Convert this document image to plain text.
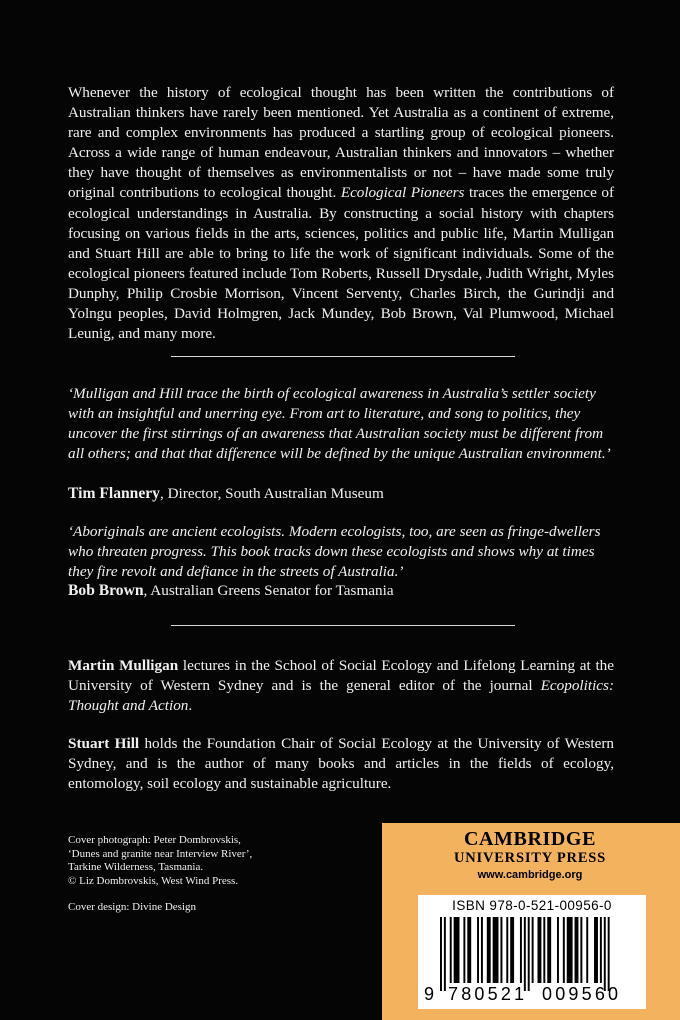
Whenever the history of ecological thought has been written the contributions of Australian thinkers have rarely been mentioned. Yet Australia as a continent of extreme, rare and complex environments has produced a startling group of ecological pioneers. Across a wide range of human endeavour, Australian thinkers and innovators – whether they have thought of themselves as environmentalists or not – have made some truly original contributions to ecological thought. Ecological Pioneers traces the emergence of ecological understandings in Australia. By constructing a social history with chapters focusing on various fields in the arts, sciences, politics and public life, Martin Mulligan and Stuart Hill are able to bring to life the work of significant individuals. Some of the ecological pioneers featured include Tom Roberts, Russell Drysdale, Judith Wright, Myles Dunphy, Philip Crosbie Morrison, Vincent Serventy, Charles Birch, the Gurindji and Yolngu peoples, David Holmgren, Jack Mundey, Bob Brown, Val Plumwood, Michael Leunig, and many more.
‘Mulligan and Hill trace the birth of ecological awareness in Australia’s settler society with an insightful and unerring eye. From art to literature, and song to politics, they uncover the first stirrings of an awareness that Australian society must be different from all others; and that that difference will be defined by the unique Australian environment.’
Tim Flannery, Director, South Australian Museum
‘Aboriginals are ancient ecologists. Modern ecologists, too, are seen as fringe-dwellers who threaten progress. This book tracks down these ecologists and shows why at times they fire revolt and defiance in the streets of Australia.’
Bob Brown, Australian Greens Senator for Tasmania
Martin Mulligan lectures in the School of Social Ecology and Lifelong Learning at the University of Western Sydney and is the general editor of the journal Ecopolitics: Thought and Action.
Stuart Hill holds the Foundation Chair of Social Ecology at the University of Western Sydney, and is the author of many books and articles in the fields of ecology, entomology, soil ecology and sustainable agriculture.
Cover photograph: Peter Dombrovskis,
‘Dunes and granite near Interview River’,
Tarkine Wilderness, Tasmania.
© Liz Dombrovskis, West Wind Press.
Cover design: Divine Design
CAMBRIDGE
UNIVERSITY PRESS
www.cambridge.org
ISBN 978-0-521-00956-0
9 780521 009560
